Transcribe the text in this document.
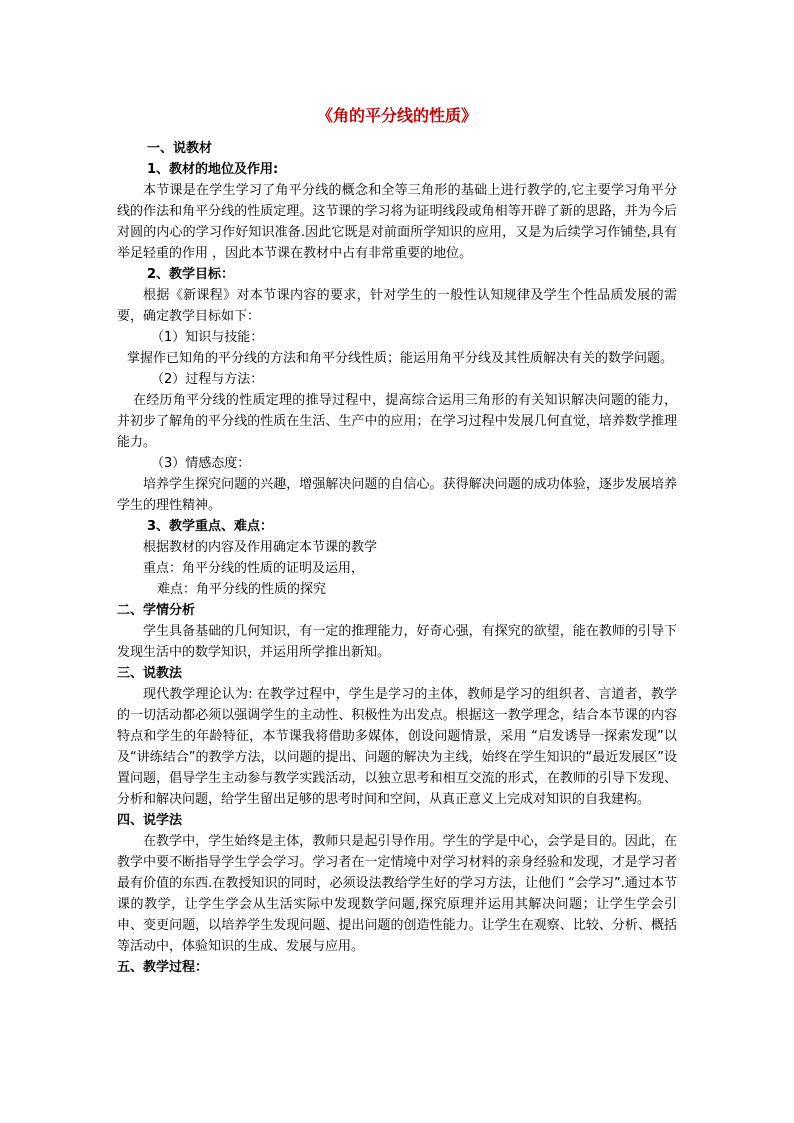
《角的平分线的性质》

一、说教材

1、教材的地位及作用:

本节课是在学生学习了角平分线的概念和全等三角形的基础上进行教学的,它主要学习角平分线的作法和角平分线的性质定理。这节课的学习将为证明线段或角相等开辟了新的思路，并为今后对圆的内心的学习作好知识准备.因此它既是对前面所学知识的应用，又是为后续学习作铺垫,具有举足轻重的作用 ，因此本节课在教材中占有非常重要的地位。

2、教学目标：

根据《新课程》对本节课内容的要求，针对学生的一般性认知规律及学生个性品质发展的需要，确定教学目标如下：

（1）知识与技能：

掌握作已知角的平分线的方法和角平分线性质；能运用角平分线及其性质解决有关的数学问题。

（2）过程与方法：

在经历角平分线的性质定理的推导过程中，提高综合运用三角形的有关知识解决问题的能力，并初步了解角的平分线的性质在生活、生产中的应用；在学习过程中发展几何直觉，培养数学推理能力。

（3）情感态度：

培养学生探究问题的兴趣，增强解决问题的自信心。获得解决问题的成功体验，逐步发展培养学生的理性精神。

3、教学重点、难点：

根据教材的内容及作用确定本节课的教学

重点：角平分线的性质的证明及运用，

难点：角平分线的性质的探究

二、学情分析

学生具备基础的几何知识，有一定的推理能力，好奇心强，有探究的欲望，能在教师的引导下发现生活中的数学知识，并运用所学推出新知。

三、说教法

现代教学理论认为: 在教学过程中，学生是学习的主体，教师是学习的组织者、言道者，教学的一切活动都必须以强调学生的主动性、积极性为出发点。根据这一教学理念，结合本节课的内容特点和学生的年龄特征，本节课我将借助多媒体，创设问题情景，采用 “启发诱导一探索发现”以及“讲练结合”的教学方法，以问题的提出、问题的解决为主线，始终在学生知识的“最近发展区”设置问题，倡导学生主动参与教学实践活动，以独立思考和相互交流的形式，在教师的引导下发现、分析和解决问题，给学生留出足够的思考时间和空间，从真正意义上完成对知识的自我建构。

四、说学法

在教学中，学生始终是主体，教师只是起引导作用。学生的学是中心，会学是目的。因此，在教学中要不断指导学生学会学习。学习者在一定情境中对学习材料的亲身经验和发现，才是学习者最有价值的东西.在教授知识的同时，必须设法教给学生好的学习方法，让他们 “会学习”.通过本节课的教学，让学生学会从生活实际中发现数学问题,探究原理并运用其解决问题；让学生学会引申、变更问题，以培养学生发现问题、提出问题的创造性能力。让学生在观察、比较、分析、概括等活动中，体验知识的生成、发展与应用。

五、教学过程：
